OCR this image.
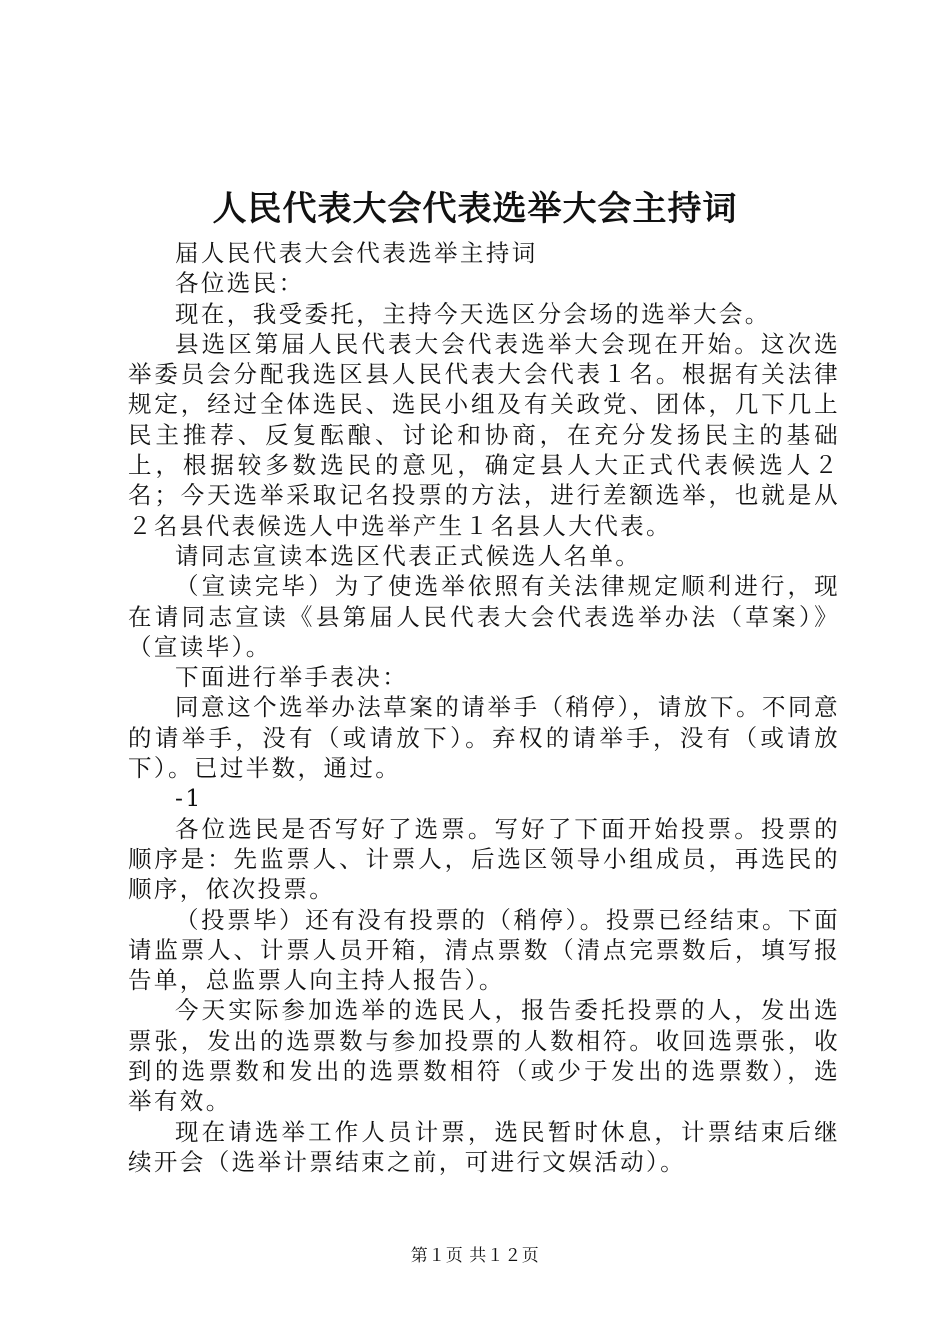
人民代表大会代表选举大会主持词

届人民代表大会代表选举主持词

各位选民：

现在，我受委托，主持今天选区分会场的选举大会。

县选区第届人民代表大会代表选举大会现在开始。这次选举委员会分配我选区县人民代表大会代表１名。根据有关法律规定，经过全体选民、选民小组及有关政党、团体，几下几上民主推荐、反复酝酿、讨论和协商，在充分发扬民主的基础上，根据较多数选民的意见，确定县人大正式代表候选人２名；今天选举采取记名投票的方法，进行差额选举，也就是从２名县代表候选人中选举产生１名县人大代表。

请同志宣读本选区代表正式候选人名单。

（宣读完毕）为了使选举依照有关法律规定顺利进行，现在请同志宣读《县第届人民代表大会代表选举办法（草案）》（宣读毕）。

下面进行举手表决：

同意这个选举办法草案的请举手（稍停），请放下。不同意的请举手，没有（或请放下）。弃权的请举手，没有（或请放下）。已过半数，通过。

-1

各位选民是否写好了选票。写好了下面开始投票。投票的顺序是：先监票人、计票人，后选区领导小组成员，再选民的顺序，依次投票。

（投票毕）还有没有投票的（稍停）。投票已经结束。下面请监票人、计票人员开箱，清点票数（清点完票数后，填写报告单，总监票人向主持人报告）。

今天实际参加选举的选民人，报告委托投票的人，发出选票张，发出的选票数与参加投票的人数相符。收回选票张，收到的选票数和发出的选票数相符（或少于发出的选票数），选举有效。

现在请选举工作人员计票，选民暂时休息，计票结束后继续开会（选举计票结束之前，可进行文娱活动）。

第１页 共１２页
